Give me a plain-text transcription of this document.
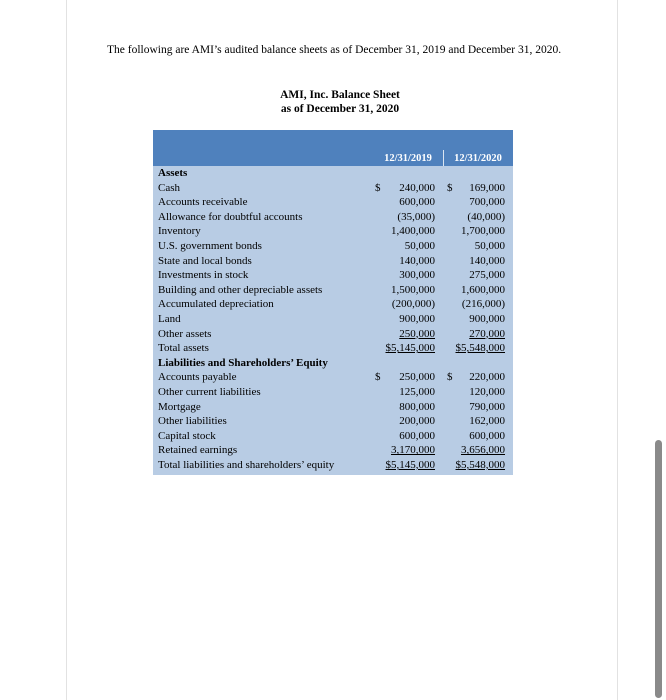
The following are AMI’s audited balance sheets as of December 31, 2019 and December 31, 2020.
AMI, Inc. Balance Sheet
as of December 31, 2020
12/31/2019	12/31/2020
Assets
Cash	$ 240,000 $ 169,000
Accounts receivable	600,000	700,000
Allowance for doubtful accounts	(35,000)	(40,000)
Inventory	1,400,000 1,700,000
U.S. government bonds	50,000	50,000
State and local bonds	140,000	140,000
Investments in stock	300,000	275,000
Building and other depreciable assets	1,500,000 1,600,000
Accumulated depreciation	(200,000) (216,000)
Land	900,000	900,000
Other assets	250,000	270,000
Total assets	$5,145,000 $5,548,000
Liabilities and Shareholders’ Equity
Accounts payable	$ 250,000 $ 220,000
Other current liabilities	125,000	120,000
Mortgage	800,000	790,000
Other liabilities	200,000	162,000
Capital stock	600,000	600,000
Retained earnings	3,170,000 3,656,000
Total liabilities and shareholders’ equity	$5,145,000 $5,548,000
